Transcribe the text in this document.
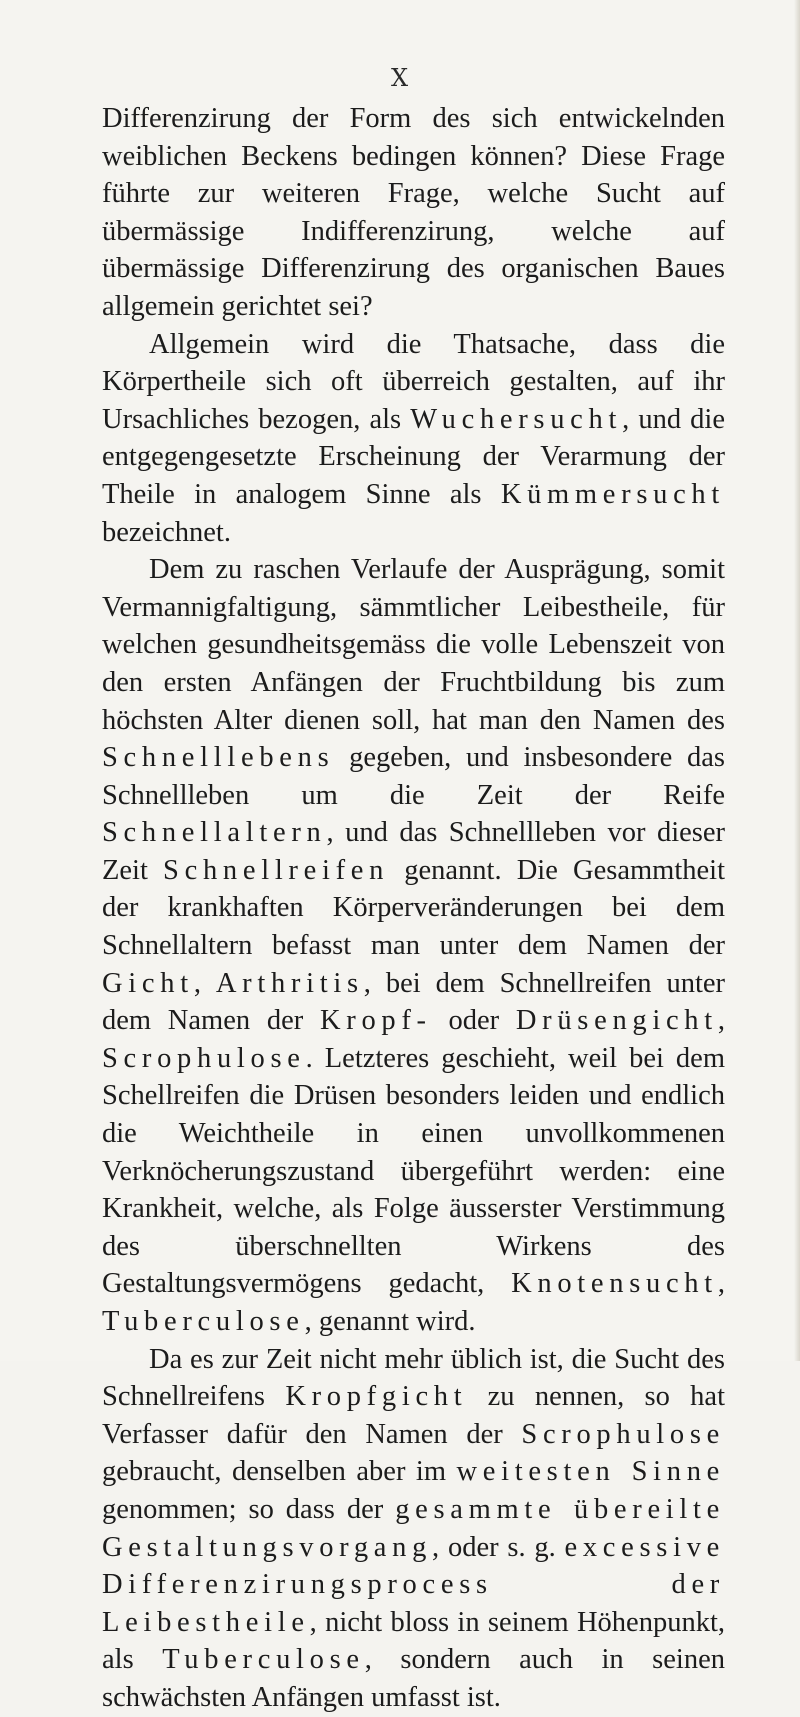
X

Differenzirung der Form des sich entwickelnden weiblichen Beckens bedingen können? Diese Frage führte zur weiteren Frage, welche Sucht auf übermässige Indifferenzirung, welche auf übermässige Differenzirung des organischen Baues allgemein gerichtet sei?

Allgemein wird die Thatsache, dass die Körpertheile sich oft überreich gestalten, auf ihr Ursachliches bezogen, als Wuchersucht, und die entgegengesetzte Erscheinung der Verarmung der Theile in analogem Sinne als Kümmersucht bezeichnet.

Dem zu raschen Verlaufe der Ausprägung, somit Vermannigfaltigung, sämmtlicher Leibestheile, für welchen gesundheitsgemäss die volle Lebenszeit von den ersten Anfängen der Fruchtbildung bis zum höchsten Alter dienen soll, hat man den Namen des Schnelllebens gegeben, und insbesondere das Schnellleben um die Zeit der Reife Schnellaltern, und das Schnellleben vor dieser Zeit Schnellreifen genannt. Die Gesammtheit der krankhaften Körperveränderungen bei dem Schnellaltern befasst man unter dem Namen der Gicht, Arthritis, bei dem Schnellreifen unter dem Namen der Kropf- oder Drüsengicht, Scrophulose. Letzteres geschieht, weil bei dem Schellreifen die Drüsen besonders leiden und endlich die Weichtheile in einen unvollkommenen Verknöcherungszustand übergeführt werden: eine Krankheit, welche, als Folge äusserster Verstimmung des überschnellten Wirkens des Gestaltungsvermögens gedacht, Knotensucht, Tuberculose, genannt wird.

Da es zur Zeit nicht mehr üblich ist, die Sucht des Schnellreifens Kropfgicht zu nennen, so hat Verfasser dafür den Namen der Scrophulose gebraucht, denselben aber im weitesten Sinne genommen; so dass der gesammte übereilte Gestaltungsvorgang, oder s. g. excessive Differenzirungsprocess der Leibestheile, nicht bloss in seinem Höhenpunkt, als Tuberculose, sondern auch in seinen schwächsten Anfängen umfasst ist.
